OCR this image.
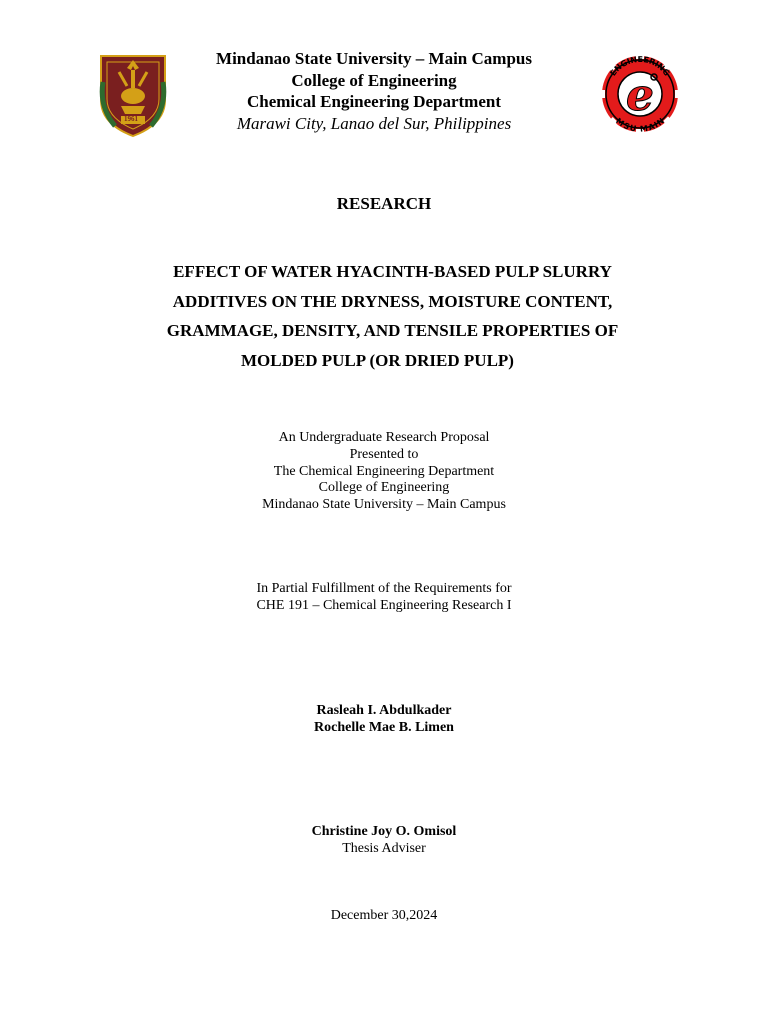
1961
Mindanao State University – Main Campus
College of Engineering
Chemical Engineering Department
Marawi City, Lanao del Sur, Philippines
e
ENGINEERING
MSU MAIN
RESEARCH
EFFECT OF WATER HYACINTH-BASED PULP SLURRY
ADDITIVES ON THE DRYNESS, MOISTURE CONTENT,
GRAMMAGE, DENSITY, AND TENSILE PROPERTIES OF
MOLDED PULP (OR DRIED PULP)
An Undergraduate Research Proposal
Presented to
The Chemical Engineering Department
College of Engineering
Mindanao State University – Main Campus
In Partial Fulfillment of the Requirements for
CHE 191 – Chemical Engineering Research I
Rasleah I. Abdulkader
Rochelle Mae B. Limen
Christine Joy O. Omisol
Thesis Adviser
December 30,2024
